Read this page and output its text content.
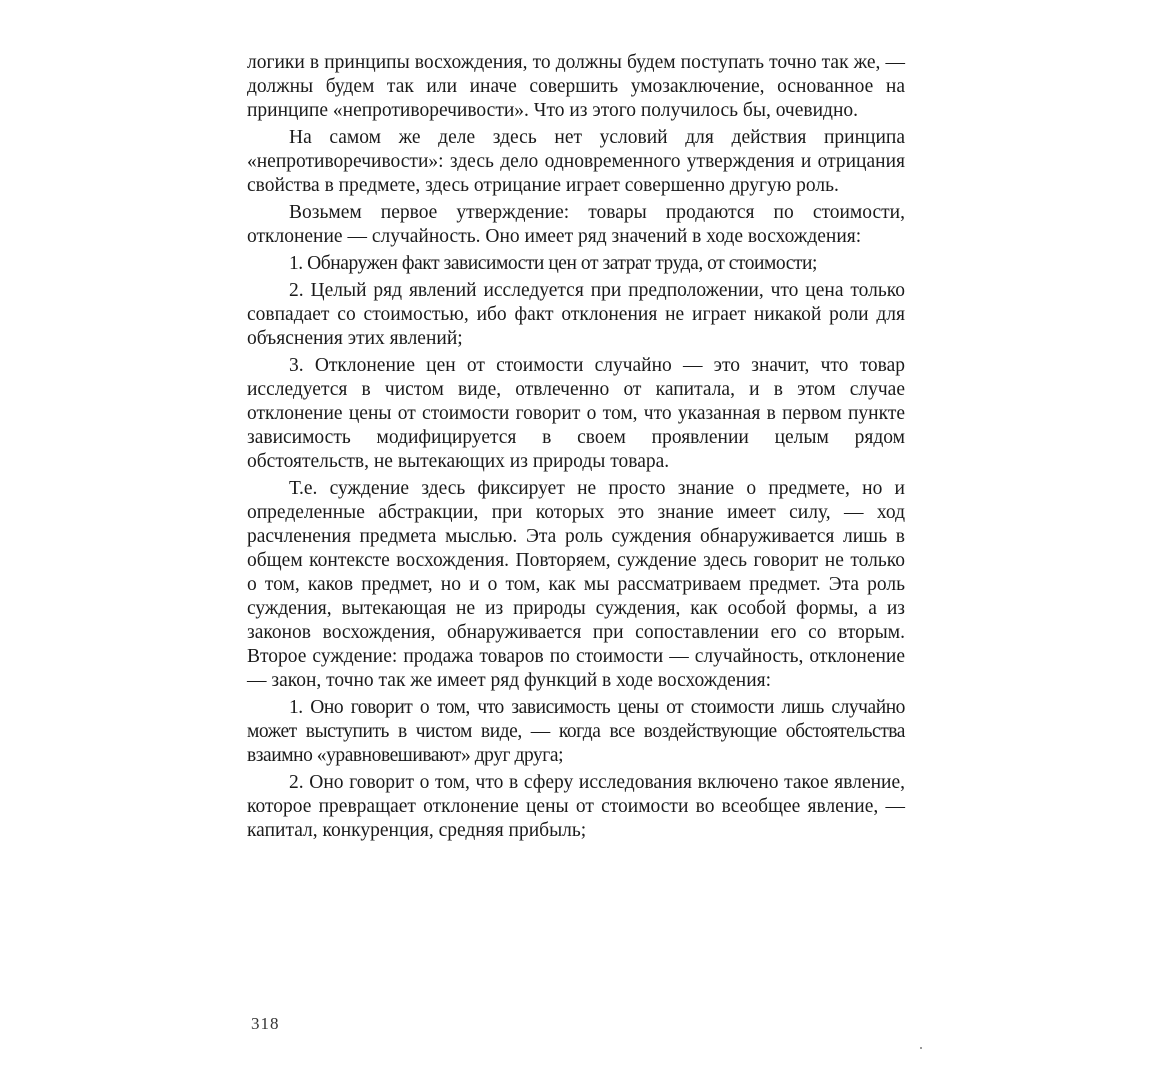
логики в принципы восхождения, то должны будем поступать точно так же, — должны будем так или иначе совершить умозаключение, основанное на принципе «непротиворечивости». Что из этого получилось бы, очевидно.

На самом же деле здесь нет условий для действия принципа «непротиворечивости»: здесь дело одновременного утверждения и отрицания свойства в предмете, здесь отрицание играет совершенно другую роль.

Возьмем первое утверждение: товары продаются по стоимости, отклонение — случайность. Оно имеет ряд значений в ходе восхождения:

1. Обнаружен факт зависимости цен от затрат труда, от стоимости;

2. Целый ряд явлений исследуется при предположении, что цена только совпадает со стоимостью, ибо факт отклонения не играет никакой роли для объяснения этих явлений;

3. Отклонение цен от стоимости случайно — это значит, что товар исследуется в чистом виде, отвлеченно от капитала, и в этом случае отклонение цены от стоимости говорит о том, что указанная в первом пункте зависимость модифицируется в своем проявлении целым рядом обстоятельств, не вытекающих из природы товара.

Т.е. суждение здесь фиксирует не просто знание о предмете, но и определенные абстракции, при которых это знание имеет силу, — ход расчленения предмета мыслью. Эта роль суждения обнаруживается лишь в общем контексте восхождения. Повторяем, суждение здесь говорит не только о том, каков предмет, но и о том, как мы рассматриваем предмет. Эта роль суждения, вытекающая не из природы суждения, как особой формы, а из законов восхождения, обнаруживается при сопоставлении его со вторым. Второе суждение: продажа товаров по стоимости — случайность, отклонение — закон, точно так же имеет ряд функций в ходе восхождения:

1. Оно говорит о том, что зависимость цены от стоимости лишь случайно может выступить в чистом виде, — когда все воздействующие обстоятельства взаимно «уравновешивают» друг друга;

2. Оно говорит о том, что в сферу исследования включено такое явление, которое превращает отклонение цены от стоимости во всеобщее явление, — капитал, конкуренция, средняя прибыль;

318
